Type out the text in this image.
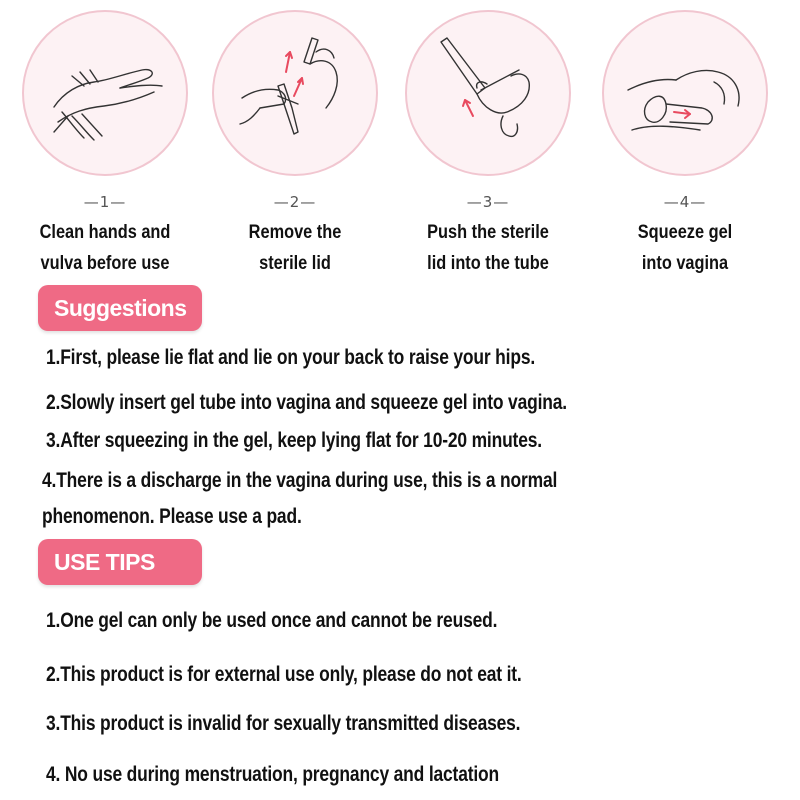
—1—
Clean hands and
vulva before use
—2—
Remove the
sterile lid
—3—
Push the sterile
lid into the tube
—4—
Squeeze gel
into vagina
Suggestions
1.First, please lie flat and lie on your back to raise your hips.
2.Slowly insert gel tube into vagina and squeeze gel into vagina.
3.After squeezing in the gel, keep lying flat for 10-20 minutes.
4.There is a discharge in the vagina during use, this is a normal
phenomenon. Please use a pad.
USE TIPS
1.One gel can only be used once and cannot be reused.
2.This product is for external use only, please do not eat it.
3.This product is invalid for sexually transmitted diseases.
4. No use during menstruation, pregnancy and lactation
